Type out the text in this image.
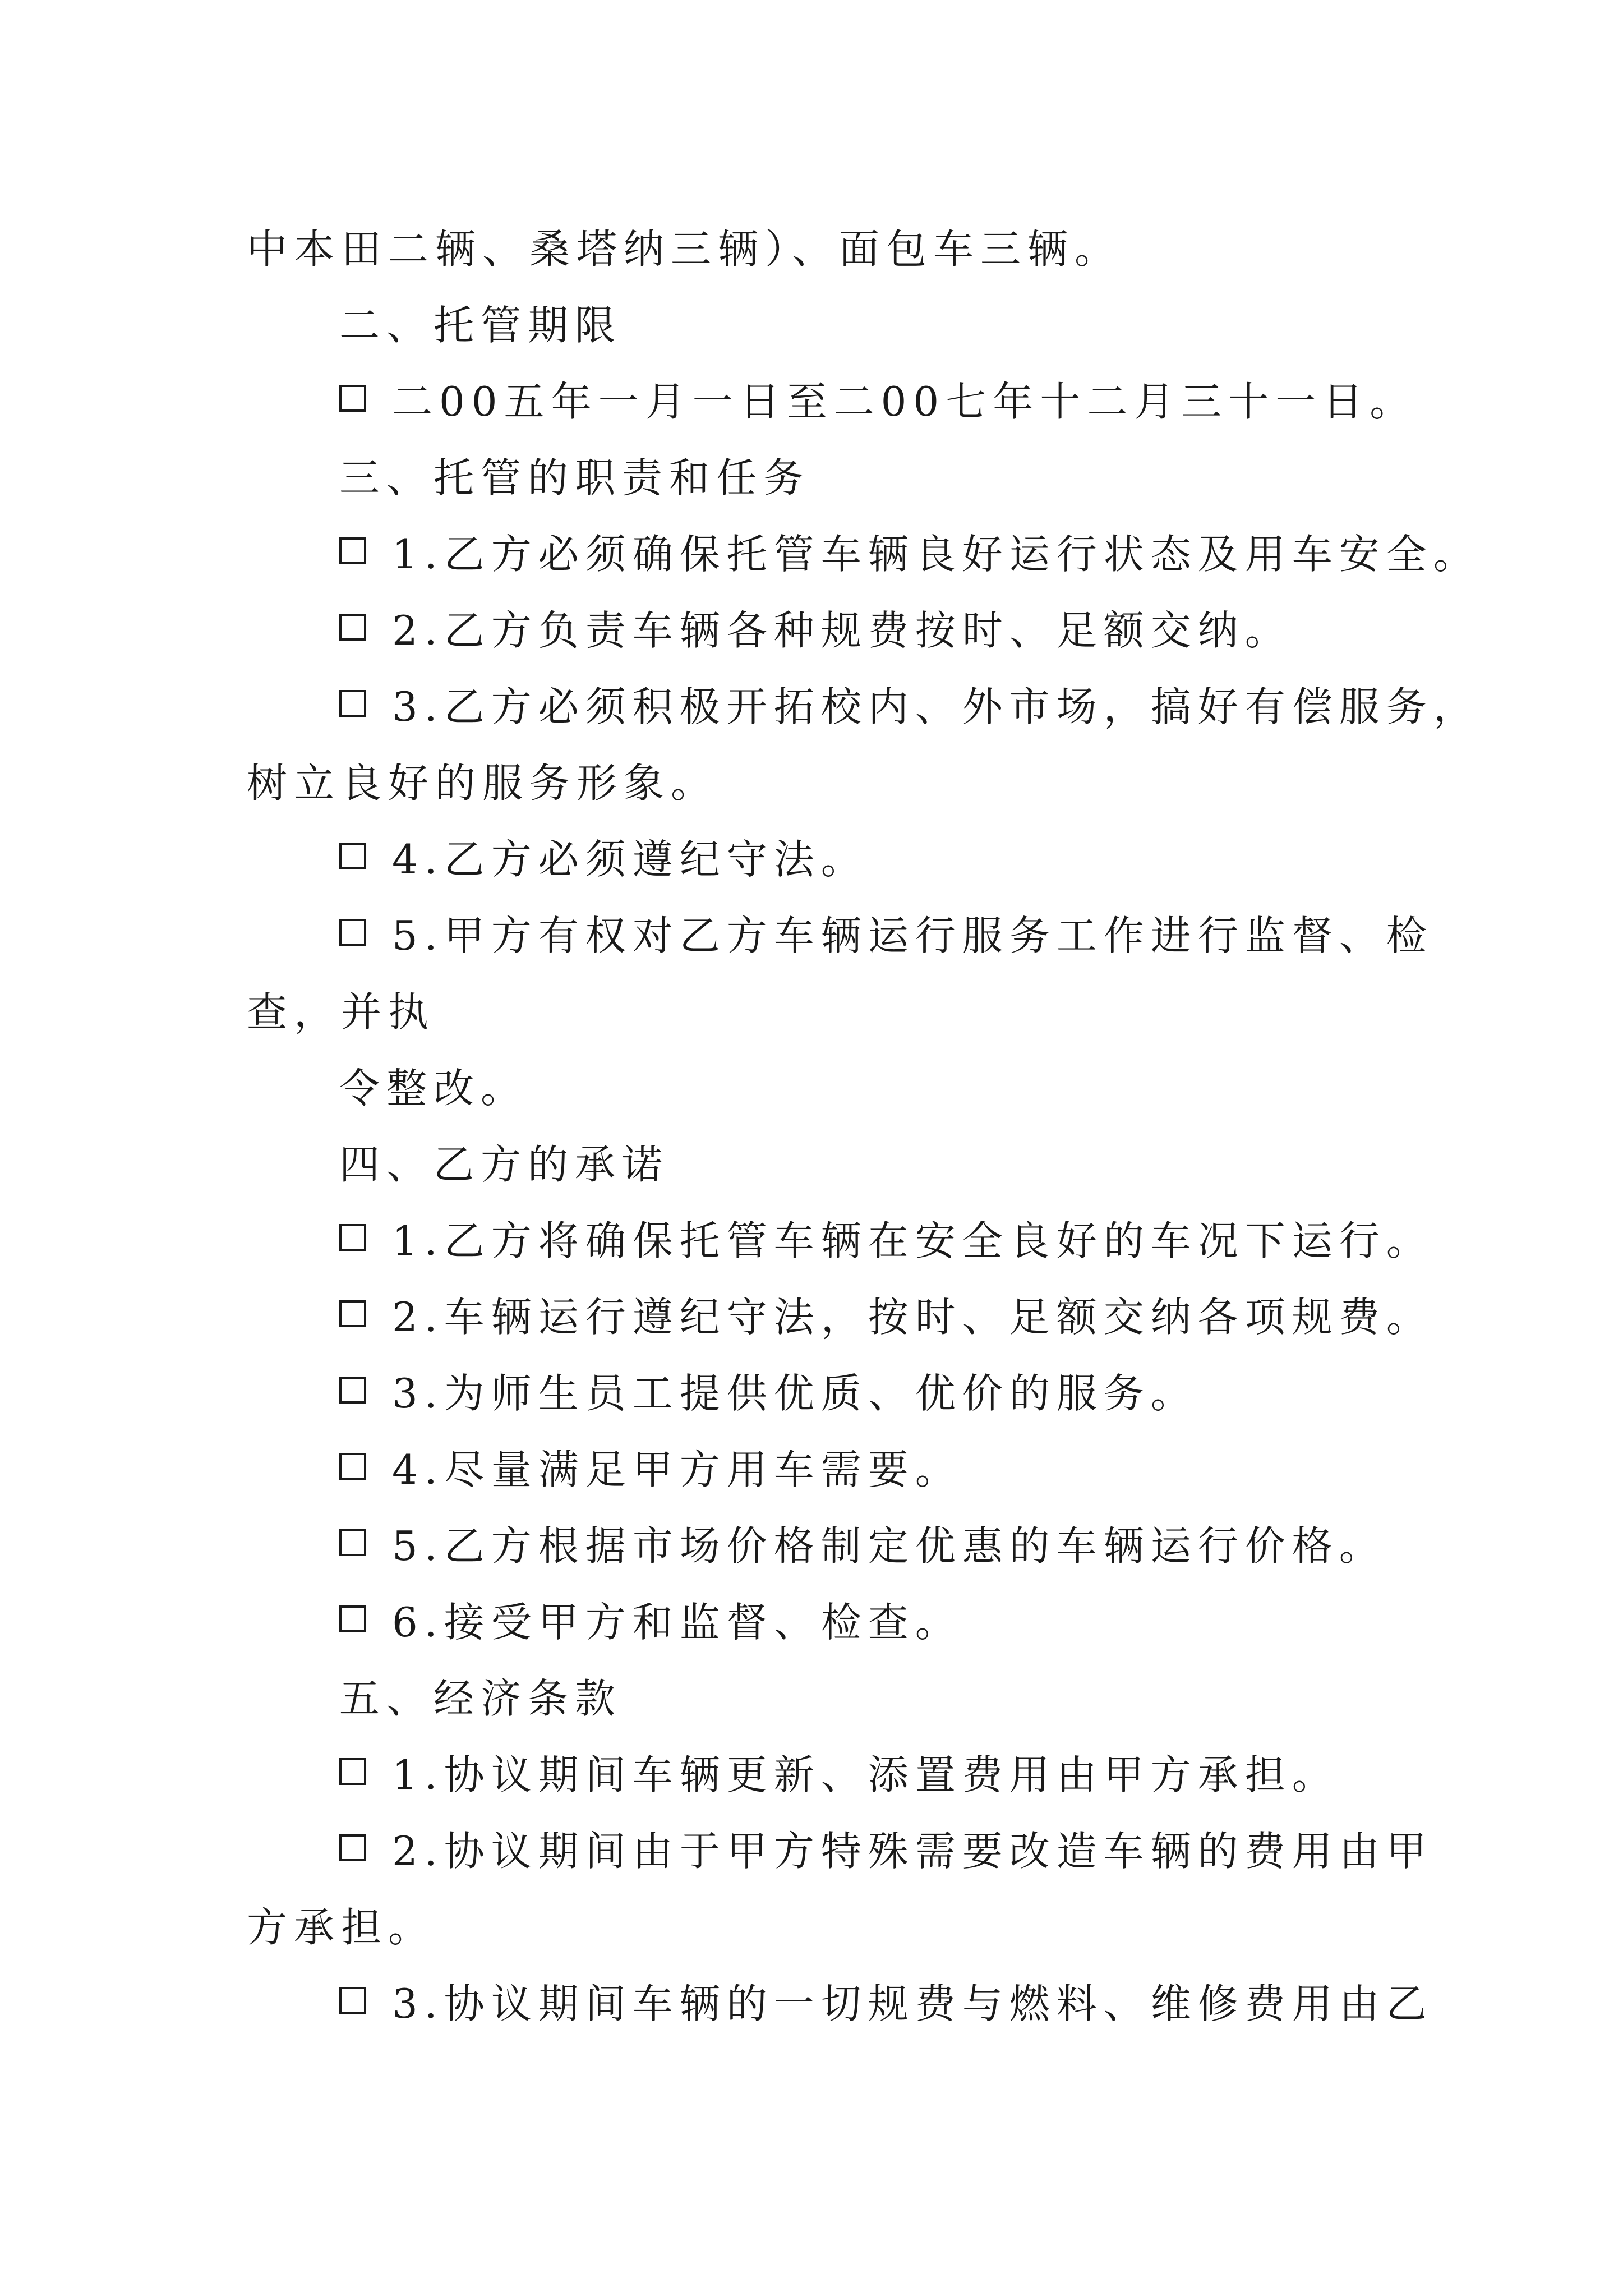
中本田二辆、桑塔纳三辆）、面包车三辆。
二、托管期限
二00五年一月一日至二00七年十二月三十一日。
三、托管的职责和任务
1.乙方必须确保托管车辆良好运行状态及用车安全。
2.乙方负责车辆各种规费按时、足额交纳。
3.乙方必须积极开拓校内、外市场，搞好有偿服务，
树立良好的服务形象。
4.乙方必须遵纪守法。
5.甲方有权对乙方车辆运行服务工作进行监督、检
查，并执
令整改。
四、乙方的承诺
1.乙方将确保托管车辆在安全良好的车况下运行。
2.车辆运行遵纪守法，按时、足额交纳各项规费。
3.为师生员工提供优质、优价的服务。
4.尽量满足甲方用车需要。
5.乙方根据市场价格制定优惠的车辆运行价格。
6.接受甲方和监督、检查。
五、经济条款
1.协议期间车辆更新、添置费用由甲方承担。
2.协议期间由于甲方特殊需要改造车辆的费用由甲
方承担。
3.协议期间车辆的一切规费与燃料、维修费用由乙
